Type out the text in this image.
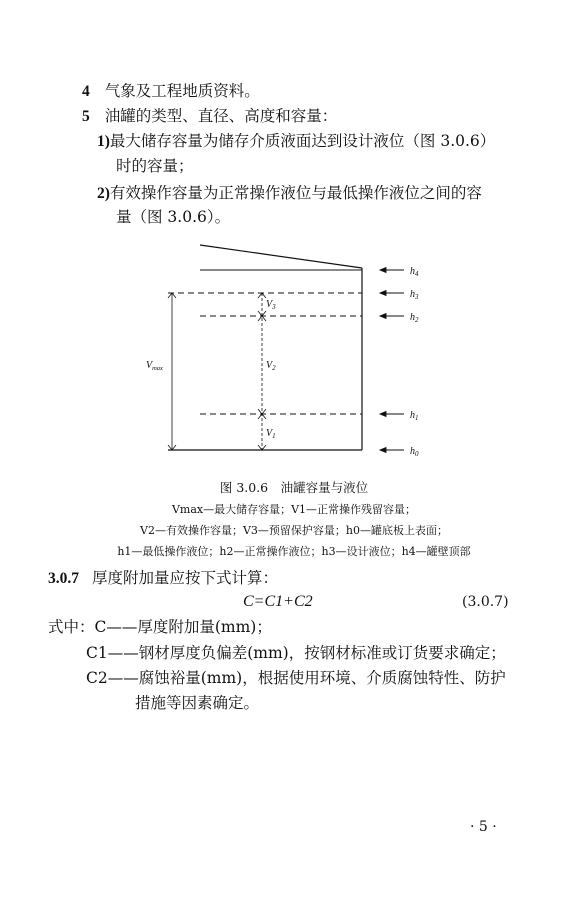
4 气象及工程地质资料。
5 油罐的类型、直径、高度和容量：
1)最大储存容量为储存介质液面达到设计液位（图 3.0.6）
时的容量；
2)有效操作容量为正常操作液位与最低操作液位之间的容
量（图 3.0.6）。
$h_4$
$h_3$
$h_2$
$h_1$
$h_0$
$V_3$
$V_2$
$V_1$
$V_{max}$
图 3.0.6　油罐容量与液位
Vmax—最大储存容量；V1—正常操作残留容量；
V2—有效操作容量；V3—预留保护容量；h0—罐底板上表面；
h1—最低操作液位；h2—正常操作液位；h3—设计液位；h4—罐壁顶部
3.0.7 厚度附加量应按下式计算：
C=C1+C2	(3.0.7)
式中：C——厚度附加量(mm)；
C1——钢材厚度负偏差(mm)，按钢材标准或订货要求确定；
C2——腐蚀裕量(mm)，根据使用环境、介质腐蚀特性、防护
措施等因素确定。
· 5 ·
